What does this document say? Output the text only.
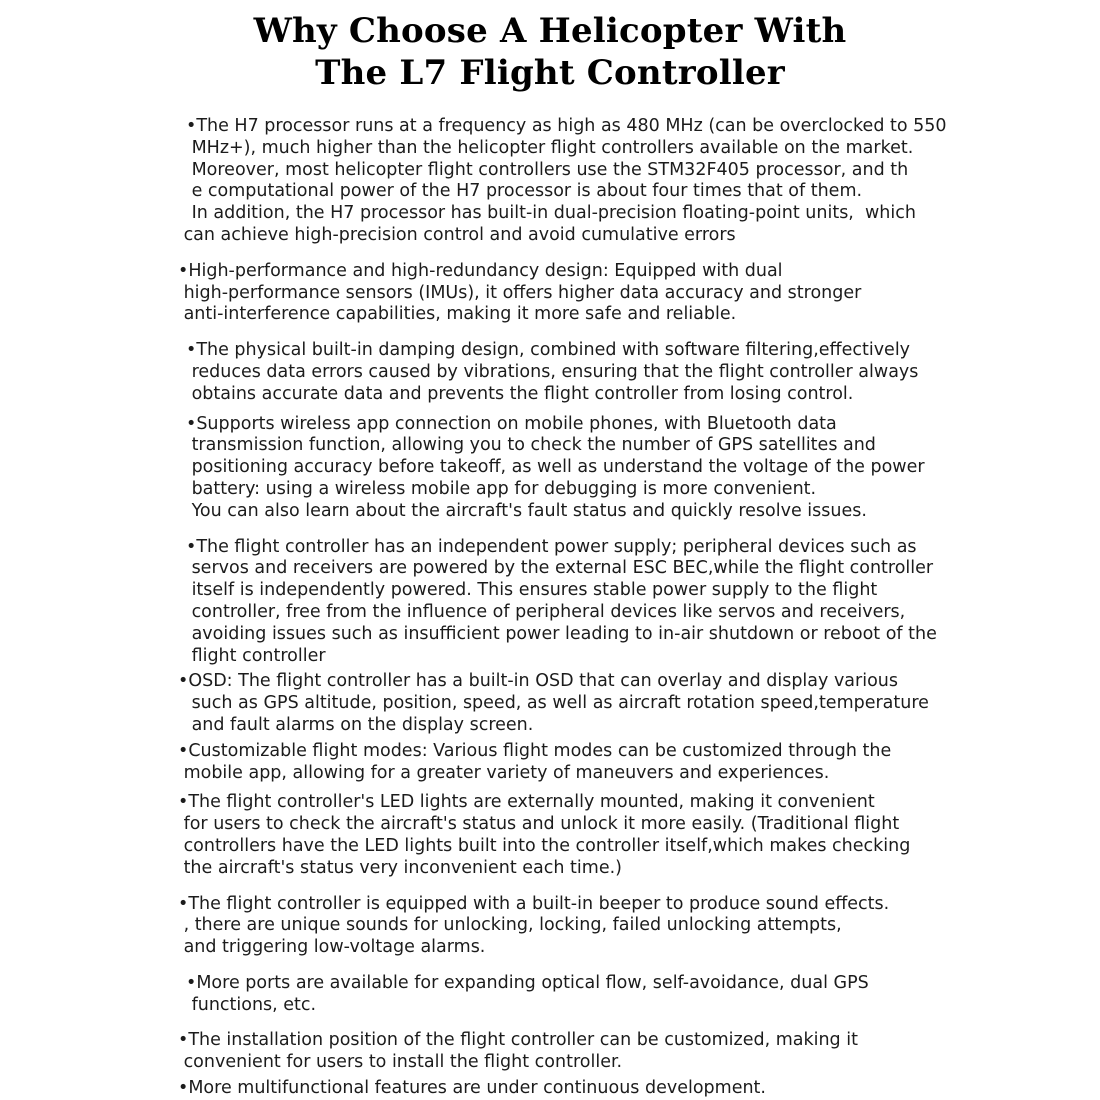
Why Choose A Helicopter With
The L7 Flight Controller
•The H7 processor runs at a frequency as high as 480 MHz (can be overclocked to 550
MHz+), much higher than the helicopter flight controllers available on the market.
Moreover, most helicopter flight controllers use the STM32F405 processor, and th
e computational power of the H7 processor is about four times that of them.
In addition, the H7 processor has built-in dual-precision floating-point units,  which
can achieve high-precision control and avoid cumulative errors
•High-performance and high-redundancy design: Equipped with dual
high-performance sensors (IMUs), it offers higher data accuracy and stronger
anti-interference capabilities, making it more safe and reliable.
•The physical built-in damping design, combined with software filtering,effectively
reduces data errors caused by vibrations, ensuring that the flight controller always
obtains accurate data and prevents the flight controller from losing control.
•Supports wireless app connection on mobile phones, with Bluetooth data
transmission function, allowing you to check the number of GPS satellites and
positioning accuracy before takeoff, as well as understand the voltage of the power
battery: using a wireless mobile app for debugging is more convenient.
You can also learn about the aircraft's fault status and quickly resolve issues.
•The flight controller has an independent power supply; peripheral devices such as
servos and receivers are powered by the external ESC BEC,while the flight controller
itself is independently powered. This ensures stable power supply to the flight
controller, free from the influence of peripheral devices like servos and receivers,
avoiding issues such as insufficient power leading to in-air shutdown or reboot of the
flight controller
•OSD: The flight controller has a built-in OSD that can overlay and display various
such as GPS altitude, position, speed, as well as aircraft rotation speed,temperature
and fault alarms on the display screen.
•Customizable flight modes: Various flight modes can be customized through the
mobile app, allowing for a greater variety of maneuvers and experiences.
•The flight controller's LED lights are externally mounted, making it convenient
for users to check the aircraft's status and unlock it more easily. (Traditional flight
controllers have the LED lights built into the controller itself,which makes checking
the aircraft's status very inconvenient each time.)
•The flight controller is equipped with a built-in beeper to produce sound effects.
, there are unique sounds for unlocking, locking, failed unlocking attempts,
and triggering low-voltage alarms.
•More ports are available for expanding optical flow, self-avoidance, dual GPS
functions, etc.
•The installation position of the flight controller can be customized, making it
convenient for users to install the flight controller.
•More multifunctional features are under continuous development.
